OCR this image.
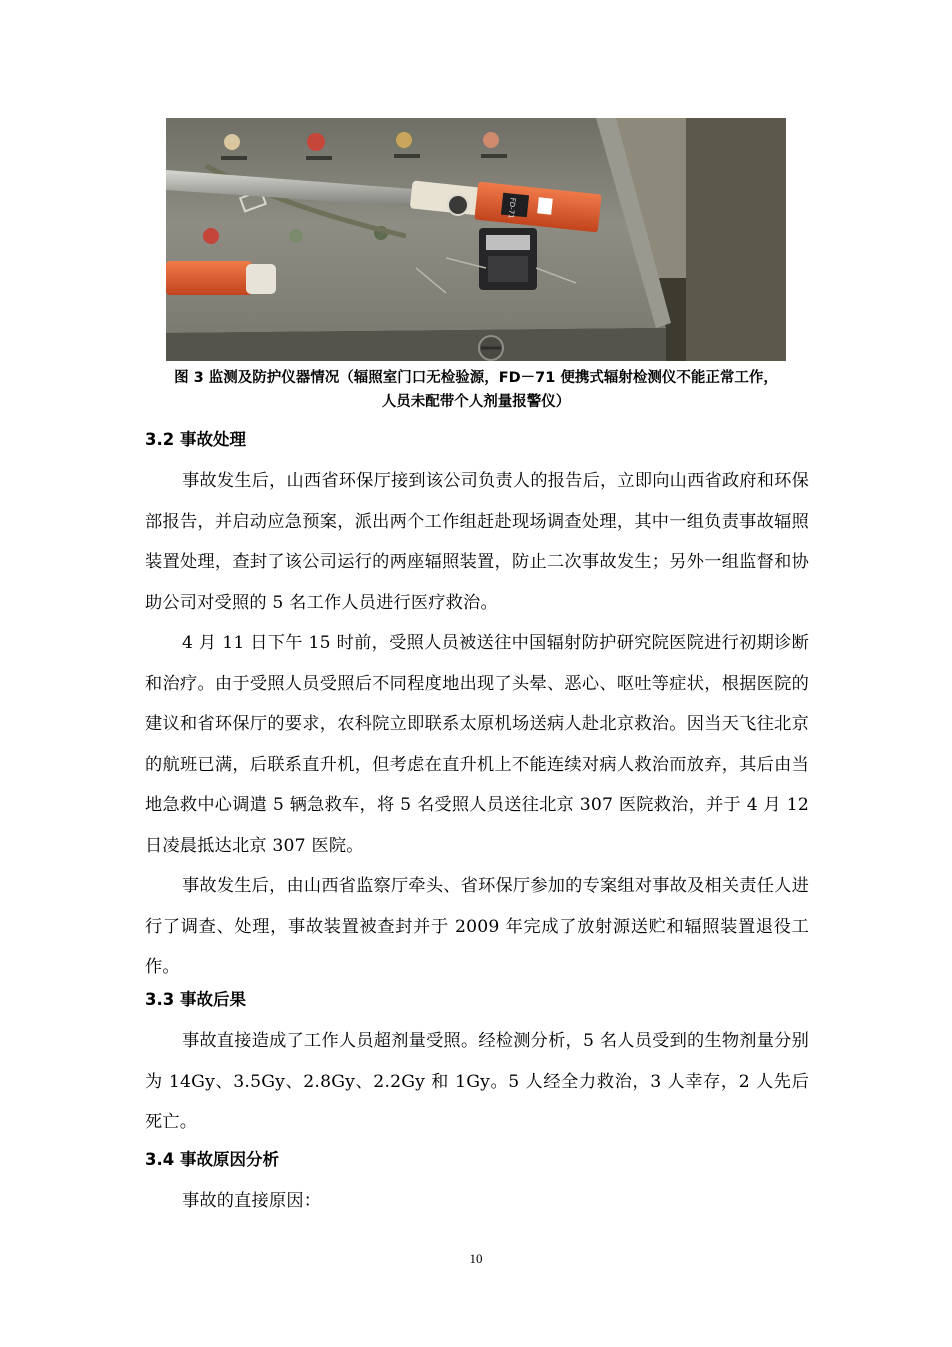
FD-71
图 3 监测及防护仪器情况（辐照室门口无检验源，FD－71 便携式辐射检测仪不能正常工作，
人员未配带个人剂量报警仪）
3.2 事故处理
事故发生后，山西省环保厅接到该公司负责人的报告后，立即向山西省政府和环保部报告，并启动应急预案，派出两个工作组赶赴现场调查处理，其中一组负责事故辐照装置处理，查封了该公司运行的两座辐照装置，防止二次事故发生；另外一组监督和协助公司对受照的 5 名工作人员进行医疗救治。
4 月 11 日下午 15 时前，受照人员被送往中国辐射防护研究院医院进行初期诊断和治疗。由于受照人员受照后不同程度地出现了头晕、恶心、呕吐等症状，根据医院的建议和省环保厅的要求，农科院立即联系太原机场送病人赴北京救治。因当天飞往北京的航班已满，后联系直升机，但考虑在直升机上不能连续对病人救治而放弃，其后由当地急救中心调遣 5 辆急救车，将 5 名受照人员送往北京 307 医院救治，并于 4 月 12 日凌晨抵达北京 307 医院。
事故发生后，由山西省监察厅牵头、省环保厅参加的专案组对事故及相关责任人进行了调查、处理，事故装置被查封并于 2009 年完成了放射源送贮和辐照装置退役工作。
3.3 事故后果
事故直接造成了工作人员超剂量受照。经检测分析，5 名人员受到的生物剂量分别为 14Gy、3.5Gy、2.8Gy、2.2Gy 和 1Gy。5 人经全力救治，3 人幸存，2 人先后死亡。
3.4 事故原因分析
事故的直接原因：
10
